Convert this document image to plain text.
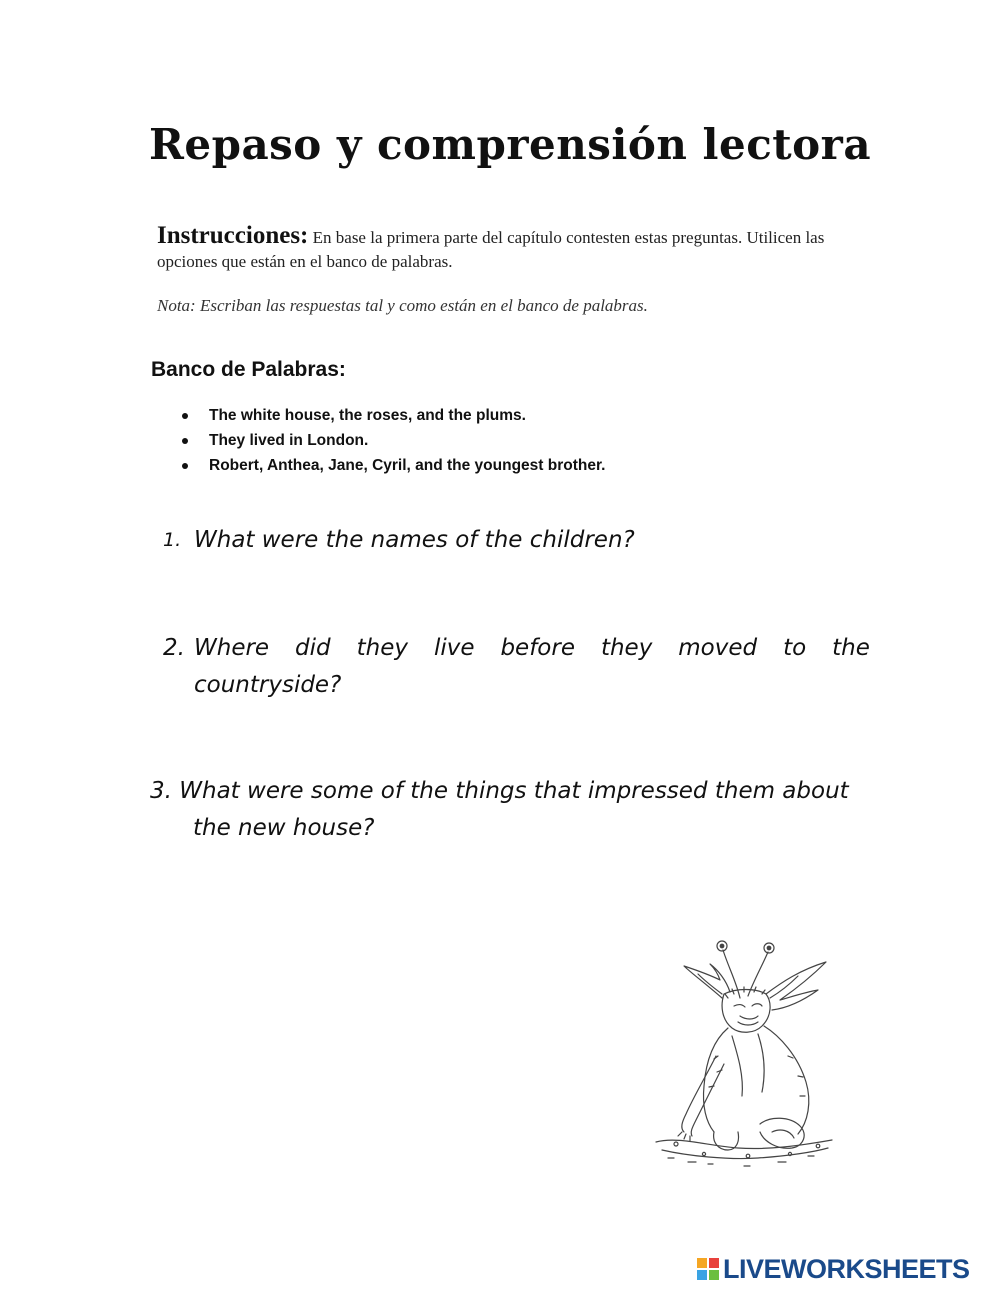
Repaso y comprensión lectora
Instrucciones: En base la primera parte del capítulo contesten estas preguntas. Utilicen las opciones que están en el banco de palabras.
Nota: Escriban las respuestas tal y como están en el banco de palabras.
Banco de Palabras:
The white house, the roses, and the plums.
They lived in London.
Robert, Anthea, Jane, Cyril, and the youngest brother.
1. What were the names of the children?
2. Where did they live before they moved to the
countryside?
3. What were some of the things that impressed them about
the new house?
LIVEWORKSHEETS
